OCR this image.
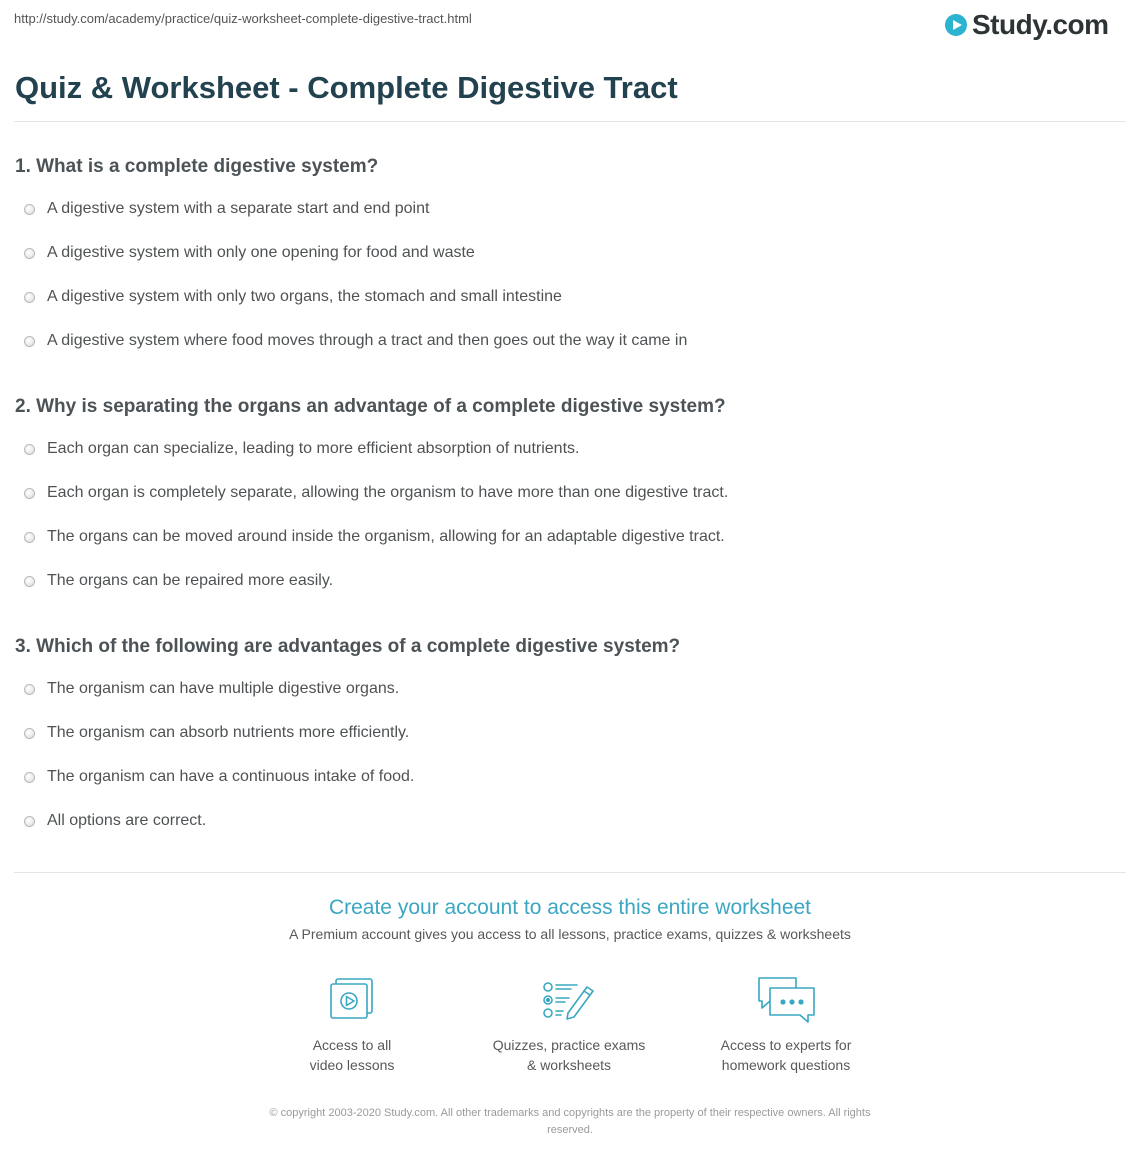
http://study.com/academy/practice/quiz-worksheet-complete-digestive-tract.html	Study.com
Quiz & Worksheet - Complete Digestive Tract
1. What is a complete digestive system?
A digestive system with a separate start and end point
A digestive system with only one opening for food and waste
A digestive system with only two organs, the stomach and small intestine
A digestive system where food moves through a tract and then goes out the way it came in
2. Why is separating the organs an advantage of a complete digestive system?
Each organ can specialize, leading to more efficient absorption of nutrients.
Each organ is completely separate, allowing the organism to have more than one digestive tract.
The organs can be moved around inside the organism, allowing for an adaptable digestive tract.
The organs can be repaired more easily.
3. Which of the following are advantages of a complete digestive system?
The organism can have multiple digestive organs.
The organism can absorb nutrients more efficiently.
The organism can have a continuous intake of food.
All options are correct.
Create your account to access this entire worksheet
A Premium account gives you access to all lessons, practice exams, quizzes & worksheets
Access to all
video lessons
Quizzes, practice exams
& worksheets
Access to experts for
homework questions
© copyright 2003-2020 Study.com. All other trademarks and copyrights are the property of their respective owners. All rights
reserved.
